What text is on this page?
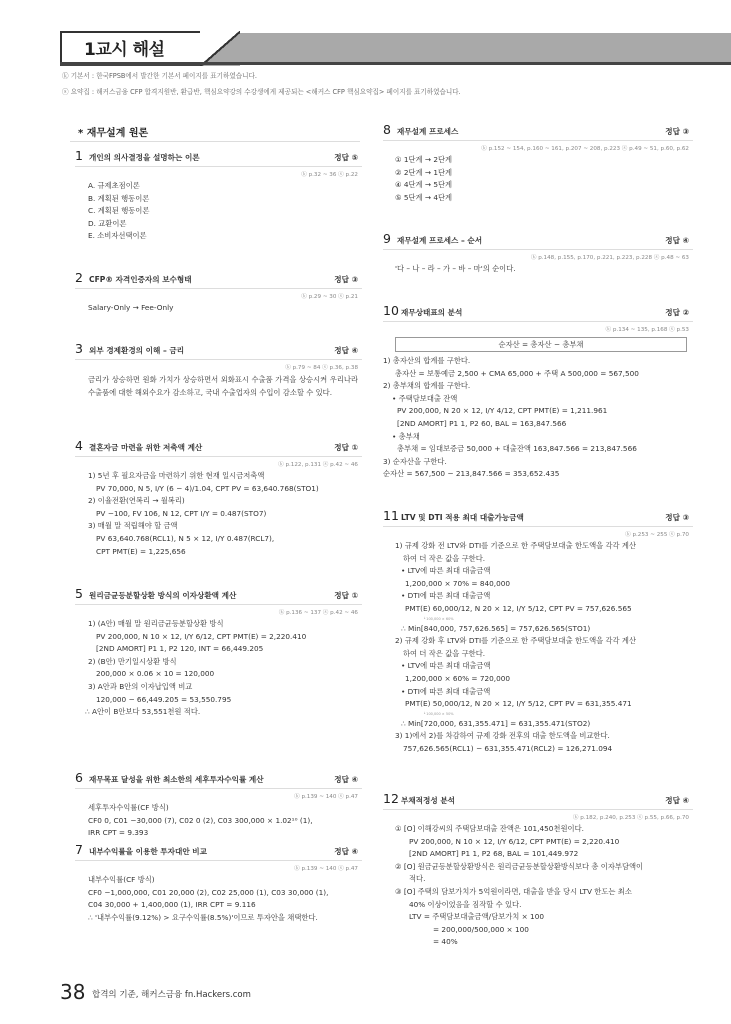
1교시 해설
ⓚ 기본서 : 한국FPSB에서 발간한 기본서 페이지를 표기하였습니다.
ⓢ 요약집 : 해커스금융 CFP 합격지원반, 환급반, 핵심요약강의 수강생에게 제공되는 <해커스 CFP 핵심요약집> 페이지를 표기하였습니다.
* 재무설계 원론
1 개인의 의사결정을 설명하는 이론	정답 ⑤
ⓚ p.32 ~ 36 ⓢ p.22
A. 규제초점이론
B. 계획된 행동이론
C. 계획된 행동이론
D. 교환이론
E. 소비자선택이론
2 CFP® 자격인증자의 보수형태	정답 ③
ⓚ p.29 ~ 30 ⓢ p.21
Salary-Only → Fee-Only
3 외부 경제환경의 이해 – 금리	정답 ④
ⓚ p.79 ~ 84 ⓢ p.36, p.38
금리가 상승하면 원화 가치가 상승하면서 외화표시 수출품 가격을 상승시켜 우리나라 수출품에 대한 해외수요가 감소하고, 국내 수출업자의 수입이 감소할 수 있다.
4 결혼자금 마련을 위한 저축액 계산	정답 ①
ⓚ p.122, p.131 ⓢ p.42 ~ 46
1) 5년 후 필요자금을 마련하기 위한 현재 일시금저축액
PV 70,000, N 5, I/Y (6 − 4)/1.04, CPT PV = 63,640.768(STO1)
2) 이율전환(연복리 → 월복리)
PV −100, FV 106, N 12, CPT I/Y = 0.487(STO7)
3) 매월 말 적립해야 할 금액
PV 63,640.768(RCL1), N 5 × 12, I/Y 0.487(RCL7),
CPT PMT(E) = 1,225,656
5 원리금균등분할상환 방식의 이자상환액 계산	정답 ①
ⓚ p.136 ~ 137 ⓢ p.42 ~ 46
1) (A안) 매월 말 원리금균등분할상환 방식
PV 200,000, N 10 × 12, I/Y 6/12, CPT PMT(E) = 2,220.410
[2ND AMORT] P1 1, P2 120, INT = 66,449.205
2) (B안) 만기일시상환 방식
200,000 × 0.06 × 10 = 120,000
3) A안과 B안의 이자납입액 비교
120,000 − 66,449.205 = 53,550.795
∴ A안이 B안보다 53,551천원 적다.
6 재무목표 달성을 위한 최소한의 세후투자수익률 계산	정답 ④
ⓚ p.139 ~ 140 ⓢ p.47
세후투자수익률(CF 방식)
CF0 0, C01 −30,000 (7), C02 0 (2), C03 300,000 × 1.02¹⁰ (1),
IRR CPT = 9.393
7 내부수익률을 이용한 투자대안 비교	정답 ④
ⓚ p.139 ~ 140 ⓢ p.47
내부수익률(CF 방식)
CF0 −1,000,000, C01 20,000 (2), C02 25,000 (1), C03 30,000 (1),
C04 30,000 + 1,400,000 (1), IRR CPT = 9.116
∴ '내부수익률(9.12%) > 요구수익률(8.5%)'이므로 투자안을 채택한다.
8 재무설계 프로세스	정답 ③
ⓚ p.152 ~ 154, p.160 ~ 161, p.207 ~ 208, p.223 ⓢ p.49 ~ 51, p.60, p.62
① 1단계 → 2단계
② 2단계 → 1단계
④ 4단계 → 5단계
⑤ 5단계 → 4단계
9 재무설계 프로세스 – 순서	정답 ④
ⓚ p.148, p.155, p.170, p.221, p.223, p.228 ⓢ p.48 ~ 63
'다 – 나 – 라 – 가 – 바 – 마'의 순이다.
10 재무상태표의 분석	정답 ②
ⓚ p.134 ~ 135, p.168 ⓢ p.53
순자산 = 총자산 − 총부채
1) 총자산의 합계를 구한다.
총자산 = 보통예금 2,500 + CMA 65,000 + 주택 A 500,000 = 567,500
2) 총부채의 합계를 구한다.
• 주택담보대출 잔액
PV 200,000, N 20 × 12, I/Y 4/12, CPT PMT(E) = 1,211.961
[2ND AMORT] P1 1, P2 60, BAL = 163,847.566
• 총부채
총부채 = 임대보증금 50,000 + 대출잔액 163,847.566 = 213,847.566
3) 순자산을 구한다.
순자산 = 567,500 − 213,847.566 = 353,652.435
11 LTV 및 DTI 적용 최대 대출가능금액	정답 ③
ⓚ p.253 ~ 255 ⓢ p.70
1) 규제 강화 전 LTV와 DTI를 기준으로 한 주택담보대출 한도액을 각각 계산
하여 더 작은 값을 구한다.
• LTV에 따른 최대 대출금액
1,200,000 × 70% = 840,000
• DTI에 따른 최대 대출금액
PMT(E) 60,000/12, N 20 × 12, I/Y 5/12, CPT PV = 757,626.565
└ 100,000 × 60%
∴ Min[840,000, 757,626.565] = 757,626.565(STO1)
2) 규제 강화 후 LTV와 DTI를 기준으로 한 주택담보대출 한도액을 각각 계산
하여 더 작은 값을 구한다.
• LTV에 따른 최대 대출금액
1,200,000 × 60% = 720,000
• DTI에 따른 최대 대출금액
PMT(E) 50,000/12, N 20 × 12, I/Y 5/12, CPT PV = 631,355.471
└ 100,000 × 50%
∴ Min[720,000, 631,355.471] = 631,355.471(STO2)
3) 1)에서 2)를 차감하여 규제 강화 전후의 대출 한도액을 비교한다.
757,626.565(RCL1) − 631,355.471(RCL2) = 126,271.094
12 부채적정성 분석	정답 ④
ⓚ p.182, p.240, p.253 ⓢ p.55, p.66, p.70
① [O] 이해강씨의 주택담보대출 잔액은 101,450천원이다.
PV 200,000, N 10 × 12, I/Y 6/12, CPT PMT(E) = 2,220.410
[2ND AMORT] P1 1, P2 68, BAL = 101,449.972
② [O] 원금균등분할상환방식은 원리금균등분할상환방식보다 총 이자부담액이
적다.
③ [O] 주택의 담보가치가 5억원이라면, 대출을 받을 당시 LTV 한도는 최소
40% 이상이었음을 짐작할 수 있다.
LTV = 주택담보대출금액/담보가치 × 100
= 200,000/500,000 × 100
= 40%
38 합격의 기준, 해커스금융 fn.Hackers.com
